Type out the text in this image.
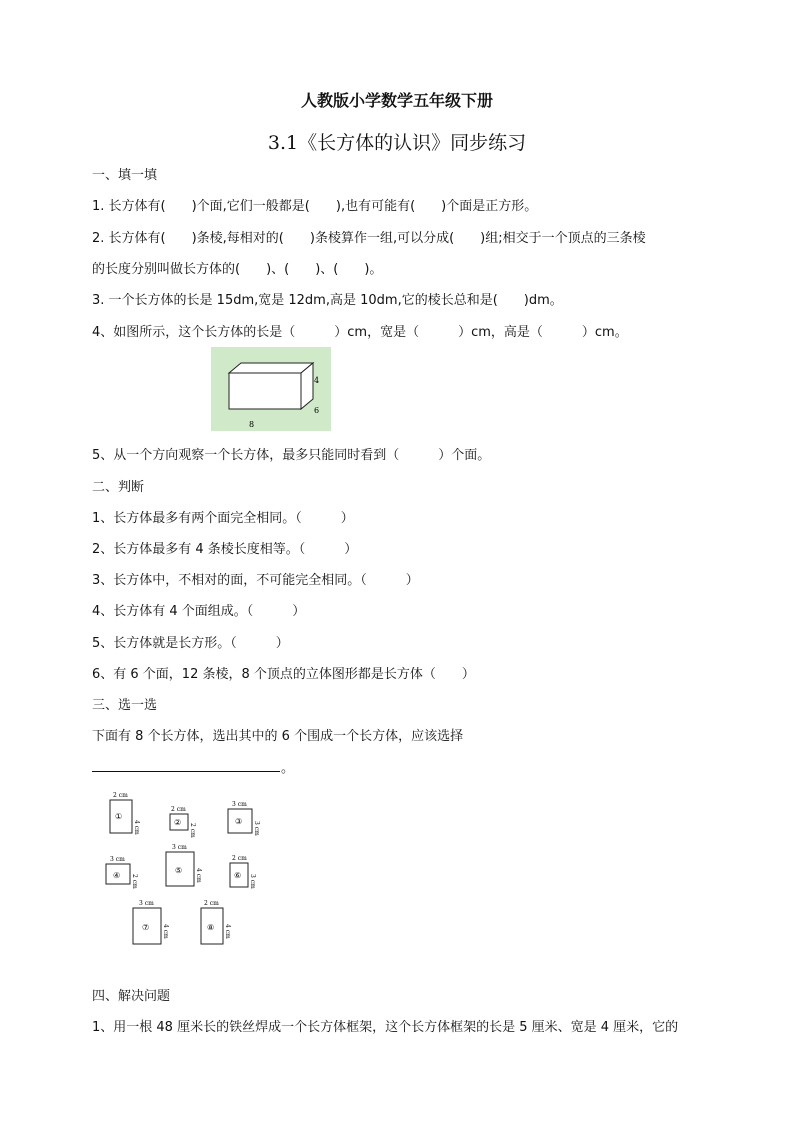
人教版小学数学五年级下册
3.1《长方体的认识》同步练习
一、填一填
1. 长方体有(　　)个面,它们一般都是(　　),也有可能有(　　)个面是正方形。
2. 长方体有(　　)条棱,每相对的(　　)条棱算作一组,可以分成(　　)组;相交于一个顶点的三条棱
的长度分别叫做长方体的(　　)、(　　)、(　　)。
3. 一个长方体的长是 15dm,宽是 12dm,高是 10dm,它的棱长总和是(　　)dm。
4、如图所示，这个长方体的长是（　　　）cm，宽是（　　　）cm，高是（　　　）cm。
4
6
8
5、从一个方向观察一个长方体，最多只能同时看到（　　　）个面。
二、判断
1、长方体最多有两个面完全相同。（　　　）
2、长方体最多有 4 条棱长度相等。（　　　）
3、长方体中，不相对的面，不可能完全相同。（　　　）
4、长方体有 4 个面组成。（　　　）
5、长方体就是长方形。（　　　）
6、有 6 个面，12 条棱，8 个顶点的立体图形都是长方体（　　）
三、选一选
下面有 8 个长方体，选出其中的 6 个围成一个长方体，应该选择
。
2 cm
4 cm
①
2 cm
2 cm
②
3 cm
3 cm
③
3 cm
2 cm
④
3 cm
4 cm
⑤
2 cm
3 cm
⑥
3 cm
4 cm
⑦
2 cm
4 cm
⑧
四、解决问题
1、用一根 48 厘米长的铁丝焊成一个长方体框架，这个长方体框架的长是 5 厘米、宽是 4 厘米，它的
